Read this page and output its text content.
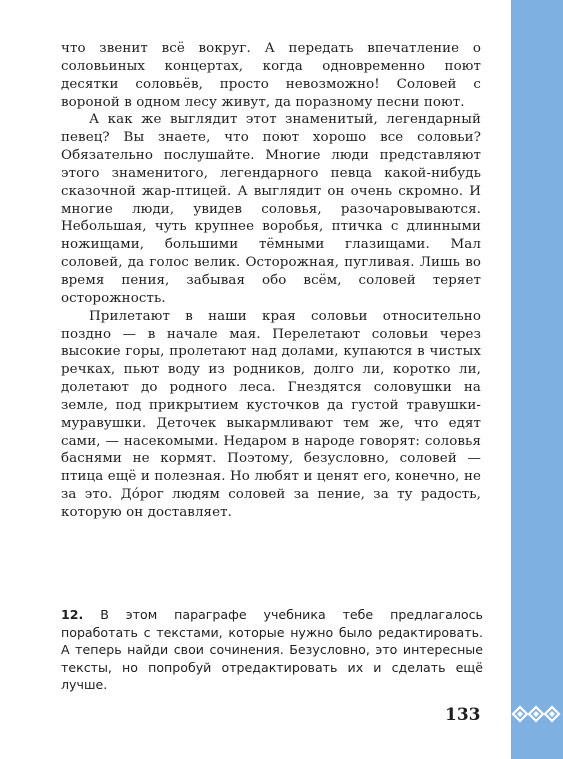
что звенит всё вокруг. А передать впечатление о соловьиных концертах, когда одновременно поют десятки соловьёв, просто невозможно! Соловей с вороной в одном лесу живут, да поразному песни поют.

А как же выглядит этот знаменитый, легендарный певец? Вы знаете, что поют хорошо все соловьи? Обязательно послушайте. Многие люди представляют этого знаменитого, легендарного певца какой-нибудь сказочной жар-птицей. А выглядит он очень скромно. И многие люди, увидев соловья, разочаровываются. Небольшая, чуть крупнее воробья, птичка с длинными ножищами, большими тёмными глазищами. Мал соловей, да голос велик. Осторожная, пугливая. Лишь во время пения, забывая обо всём, соловей теряет осторожность.

Прилетают в наши края соловьи относительно поздно — в начале мая. Перелетают соловьи через высокие горы, пролетают над долами, купаются в чистых речках, пьют воду из родников, долго ли, коротко ли, долетают до родного леса. Гнездятся соловушки на земле, под прикрытием кусточков да густой травушки-муравушки. Деточек выкармливают тем же, что едят сами, — насекомыми. Недаром в народе говорят: соловья баснями не кормят. Поэтому, безусловно, соловей — птица ещё и полезная. Но любят и ценят его, конечно, не за это. Дóрог людям соловей за пение, за ту радость, которую он доставляет.

12. В этом параграфе учебника тебе предлагалось поработать с текстами, которые нужно было редактировать. А теперь найди свои сочинения. Безусловно, это интересные тексты, но попробуй отредактировать их и сделать ещё лучше.

133
